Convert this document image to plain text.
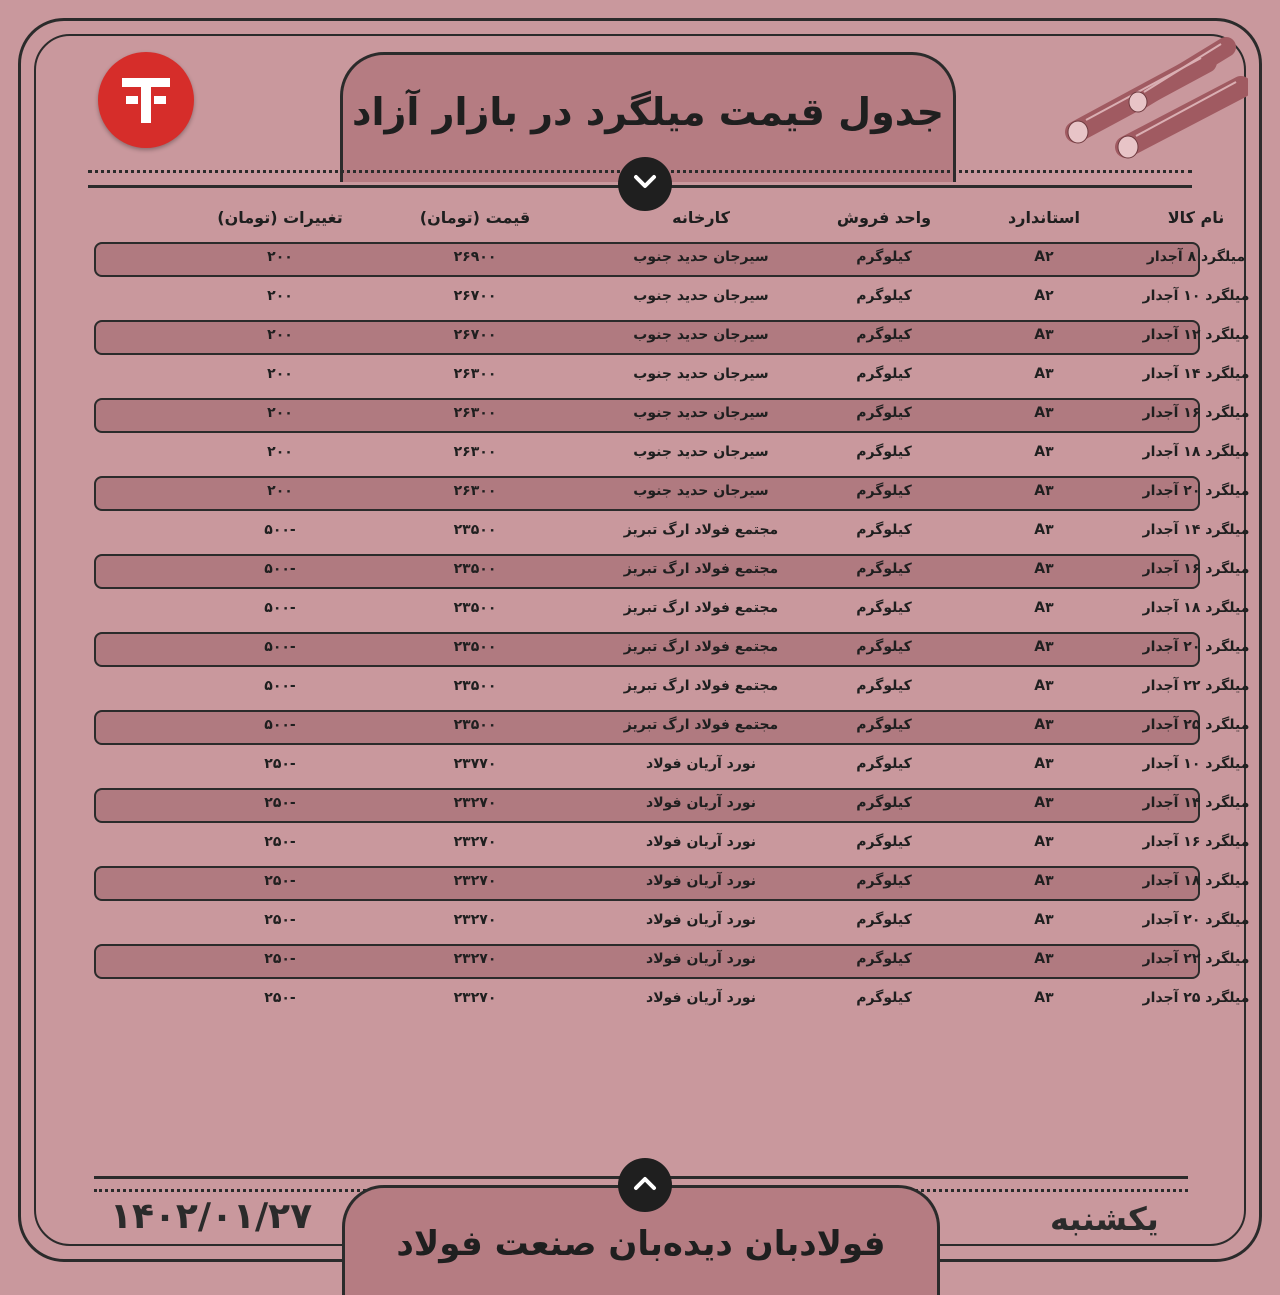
جدول قیمت میلگرد در بازار آزاد
نام کالا
استاندارد
واحد فروش
کارخانه
قیمت (تومان)
تغییرات (تومان)
میلگرد ۸ آجدار
A۲
کیلوگرم
سیرجان حدید جنوب
۲۶۹۰۰
۲۰۰
میلگرد ۱۰ آجدار
A۲
کیلوگرم
سیرجان حدید جنوب
۲۶۷۰۰
۲۰۰
میلگرد ۱۲ آجدار
A۳
کیلوگرم
سیرجان حدید جنوب
۲۶۷۰۰
۲۰۰
میلگرد ۱۴ آجدار
A۳
کیلوگرم
سیرجان حدید جنوب
۲۶۳۰۰
۲۰۰
میلگرد ۱۶ آجدار
A۳
کیلوگرم
سیرجان حدید جنوب
۲۶۳۰۰
۲۰۰
میلگرد ۱۸ آجدار
A۳
کیلوگرم
سیرجان حدید جنوب
۲۶۳۰۰
۲۰۰
میلگرد ۲۰ آجدار
A۳
کیلوگرم
سیرجان حدید جنوب
۲۶۳۰۰
۲۰۰
میلگرد ۱۴ آجدار
A۳
کیلوگرم
مجتمع فولاد ارگ تبریز
۲۳۵۰۰
-۵۰۰
میلگرد ۱۶ آجدار
A۳
کیلوگرم
مجتمع فولاد ارگ تبریز
۲۳۵۰۰
-۵۰۰
میلگرد ۱۸ آجدار
A۳
کیلوگرم
مجتمع فولاد ارگ تبریز
۲۳۵۰۰
-۵۰۰
میلگرد ۲۰ آجدار
A۳
کیلوگرم
مجتمع فولاد ارگ تبریز
۲۳۵۰۰
-۵۰۰
میلگرد ۲۲ آجدار
A۳
کیلوگرم
مجتمع فولاد ارگ تبریز
۲۳۵۰۰
-۵۰۰
میلگرد ۲۵ آجدار
A۳
کیلوگرم
مجتمع فولاد ارگ تبریز
۲۳۵۰۰
-۵۰۰
میلگرد ۱۰ آجدار
A۳
کیلوگرم
نورد آریان فولاد
۲۳۷۷۰
-۲۵۰
میلگرد ۱۴ آجدار
A۳
کیلوگرم
نورد آریان فولاد
۲۳۲۷۰
-۲۵۰
میلگرد ۱۶ آجدار
A۳
کیلوگرم
نورد آریان فولاد
۲۳۲۷۰
-۲۵۰
میلگرد ۱۸ آجدار
A۳
کیلوگرم
نورد آریان فولاد
۲۳۲۷۰
-۲۵۰
میلگرد ۲۰ آجدار
A۳
کیلوگرم
نورد آریان فولاد
۲۳۲۷۰
-۲۵۰
میلگرد ۲۲ آجدار
A۳
کیلوگرم
نورد آریان فولاد
۲۳۲۷۰
-۲۵۰
میلگرد ۲۵ آجدار
A۳
کیلوگرم
نورد آریان فولاد
۲۳۲۷۰
-۲۵۰
فولادبان دیده‌بان صنعت فولاد
۱۴۰۲/۰۱/۲۷	یکشنبه
